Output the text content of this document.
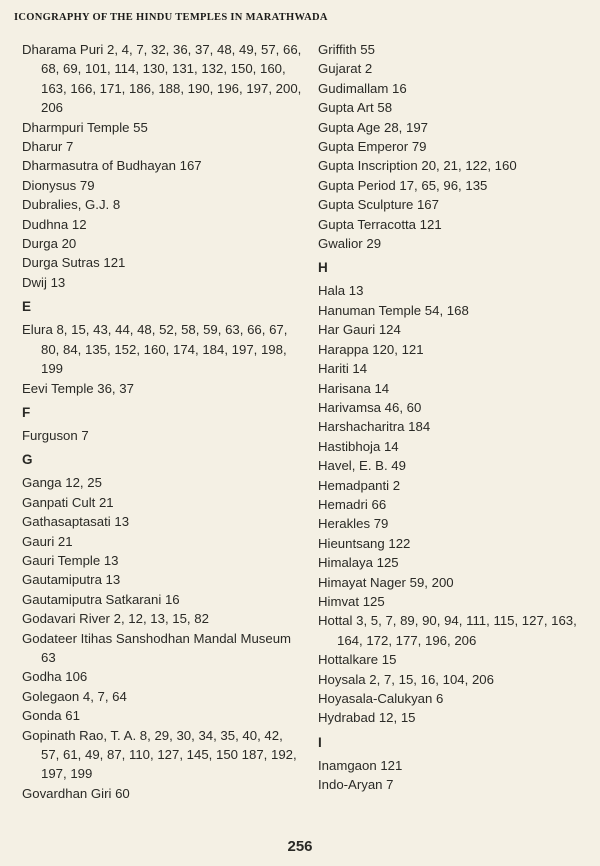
ICONGRAPHY OF THE HINDU TEMPLES IN MARATHWADA
Dharama Puri 2, 4, 7, 32, 36, 37, 48, 49, 57, 66, 68, 69, 101, 114, 130, 131, 132, 150, 160, 163, 166, 171, 186, 188, 190, 196, 197, 200, 206
Dharmpuri Temple 55
Dharur 7
Dharmasutra of Budhayan 167
Dionysus 79
Dubralies, G.J. 8
Dudhna 12
Durga 20
Durga Sutras 121
Dwij 13
E
Elura 8, 15, 43, 44, 48, 52, 58, 59, 63, 66, 67, 80, 84, 135, 152, 160, 174, 184, 197, 198, 199
Eevi Temple 36, 37
F
Furguson 7
G
Ganga 12, 25
Ganpati Cult 21
Gathasaptasati 13
Gauri 21
Gauri Temple 13
Gautamiputra 13
Gautamiputra Satkarani 16
Godavari River 2, 12, 13, 15, 82
Godateer Itihas Sanshodhan Mandal Museum 63
Godha 106
Golegaon 4, 7, 64
Gonda 61
Gopinath Rao, T. A. 8, 29, 30, 34, 35, 40, 42, 57, 61, 49, 87, 110, 127, 145, 150 187, 192, 197, 199
Govardhan Giri 60
Griffith 55
Gujarat 2
Gudimallam 16
Gupta Art 58
Gupta Age 28, 197
Gupta Emperor 79
Gupta Inscription 20, 21, 122, 160
Gupta Period 17, 65, 96, 135
Gupta Sculpture 167
Gupta Terracotta 121
Gwalior 29
H
Hala 13
Hanuman Temple 54, 168
Har Gauri 124
Harappa 120, 121
Hariti 14
Harisana 14
Harivamsa 46, 60
Harshacharitra 184
Hastibhoja 14
Havel, E. B. 49
Hemadpanti 2
Hemadri 66
Herakles 79
Hieuntsang 122
Himalaya 125
Himayat Nager 59, 200
Himvat 125
Hottal 3, 5, 7, 89, 90, 94, 111, 115, 127, 163, 164, 172, 177, 196, 206
Hottalkare 15
Hoysala 2, 7, 15, 16, 104, 206
Hoyasala-Calukyan 6
Hydrabad 12, 15
I
Inamgaon 121
Indo-Aryan 7
256
